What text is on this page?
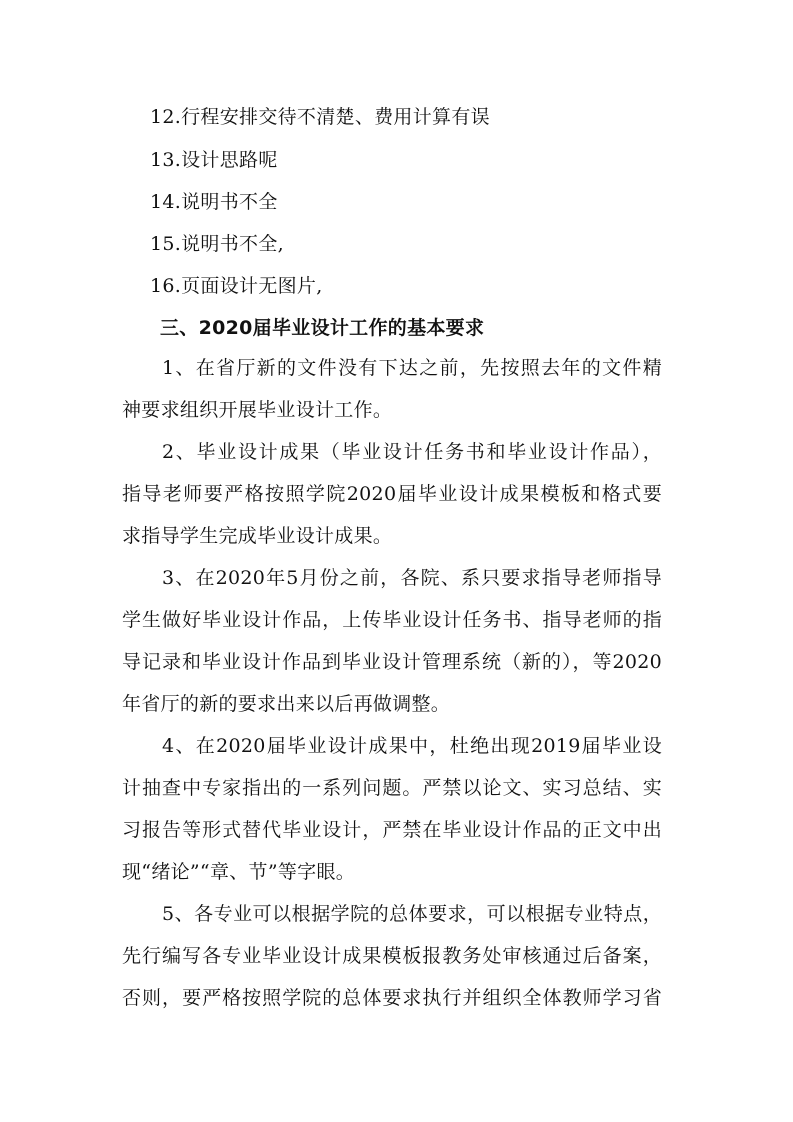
12.行程安排交待不清楚、费用计算有误
13.设计思路呢
14.说明书不全
15.说明书不全,
16.页面设计无图片,
三、2020届毕业设计工作的基本要求
1、在省厅新的文件没有下达之前，先按照去年的文件精
神要求组织开展毕业设计工作。
2、毕业设计成果（毕业设计任务书和毕业设计作品），
指导老师要严格按照学院2020届毕业设计成果模板和格式要
求指导学生完成毕业设计成果。
3、在2020年5月份之前，各院、系只要求指导老师指导
学生做好毕业设计作品，上传毕业设计任务书、指导老师的指
导记录和毕业设计作品到毕业设计管理系统（新的），等2020
年省厅的新的要求出来以后再做调整。
4、在2020届毕业设计成果中，杜绝出现2019届毕业设
计抽查中专家指出的一系列问题。严禁以论文、实习总结、实
习报告等形式替代毕业设计，严禁在毕业设计作品的正文中出
现“绪论”“章、节”等字眼。
5、各专业可以根据学院的总体要求，可以根据专业特点，
先行编写各专业毕业设计成果模板报教务处审核通过后备案，
否则，要严格按照学院的总体要求执行并组织全体教师学习省
